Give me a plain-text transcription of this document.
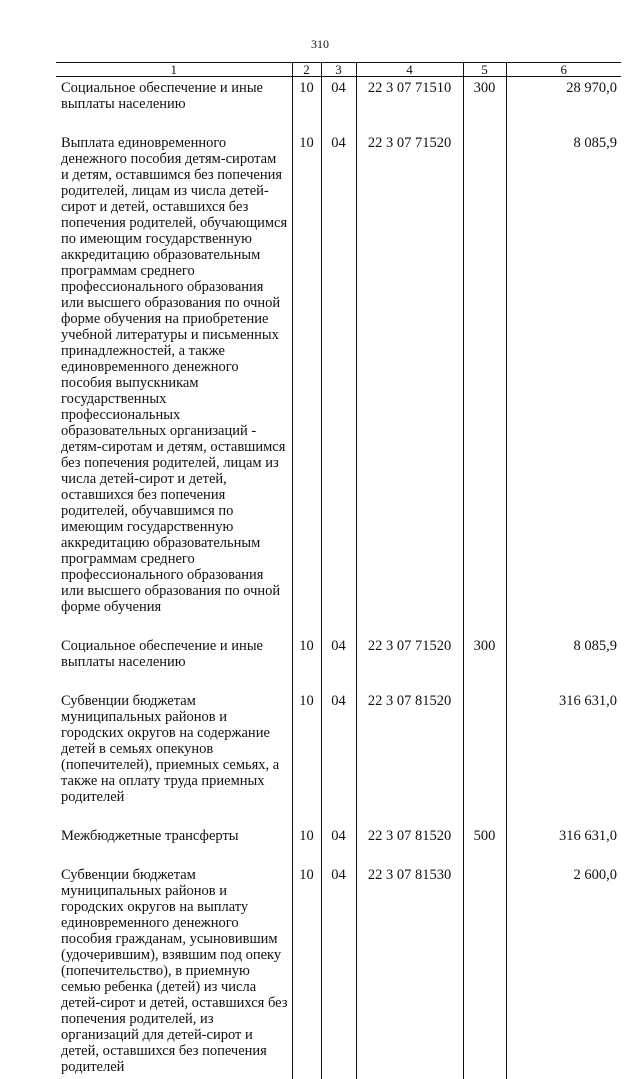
310
1	2	3	4	5	6
Социальное обеспечение и иные выплаты населению	10	04	22 3 07 71510	300	28 970,0
Выплата единовременного денежного пособия детям-сиротам и детям, оставшимся без попечения родителей, лицам из числа детей-сирот и детей, оставшихся без попечения родителей, обучающимся по имеющим государственную аккредитацию образовательным программам среднего профессионального образования или высшего образования по очной форме обучения на приобретение учебной литературы и письменных принадлежностей, а также единовременного денежного пособия выпускникам государственных профессиональных образовательных организаций - детям-сиротам и детям, оставшимся без попечения родителей, лицам из числа детей-сирот и детей, оставшихся без попечения родителей, обучавшимся по имеющим государственную аккредитацию образовательным программам среднего профессионального образования или высшего образования по очной форме обучения	10	04	22 3 07 71520		8 085,9
Социальное обеспечение и иные выплаты населению	10	04	22 3 07 71520	300	8 085,9
Субвенции бюджетам муниципальных районов и городских округов на содержание детей в семьях опекунов (попечителей), приемных семьях, а также на оплату труда приемных родителей	10	04	22 3 07 81520		316 631,0
Межбюджетные трансферты	10	04	22 3 07 81520	500	316 631,0
Субвенции бюджетам муниципальных районов и городских округов на выплату единовременного денежного пособия гражданам, усыновившим (удочерившим), взявшим под опеку (попечительство), в приемную семью ребенка (детей) из числа детей-сирот и детей, оставшихся без попечения родителей, из организаций для детей-сирот и детей, оставшихся без попечения родителей	10	04	22 3 07 81530		2 600,0
